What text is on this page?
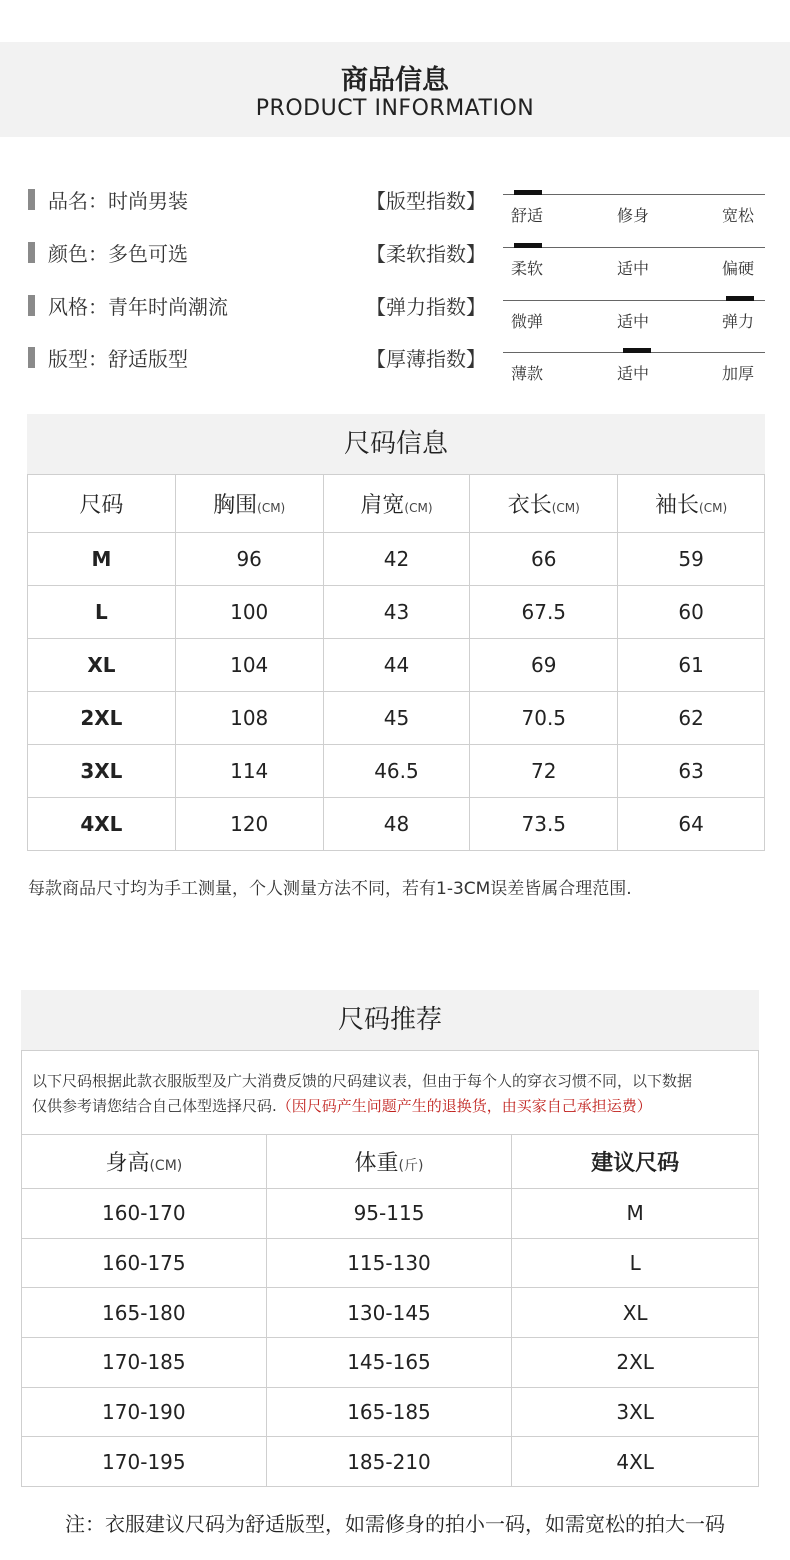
商品信息
PRODUCT INFORMATION
品名：时尚男装	【版型指数】
舒适	修身	宽松
颜色：多色可选	【柔软指数】
柔软	适中	偏硬
风格：青年时尚潮流	【弹力指数】
微弹	适中	弹力
版型：舒适版型	【厚薄指数】
薄款	适中	加厚
尺码信息
尺码	胸围(CM)	肩宽(CM)	衣长(CM)	袖长(CM)
M	96	42	66	59
L	100	43	67.5	60
XL	104	44	69	61
2XL	108	45	70.5	62
3XL	114	46.5	72	63
4XL	120	48	73.5	64
每款商品尺寸均为手工测量，个人测量方法不同，若有1-3CM误差皆属合理范围.
尺码推荐
以下尺码根据此款衣服版型及广大消费反馈的尺码建议表，但由于每个人的穿衣习惯不同，以下数据
仅供参考请您结合自己体型选择尺码.（因尺码产生问题产生的退换货，由买家自己承担运费）
身高(CM)	体重(斤)	建议尺码
160-170	95-115	M
160-175	115-130	L
165-180	130-145	XL
170-185	145-165	2XL
170-190	165-185	3XL
170-195	185-210	4XL
注：衣服建议尺码为舒适版型，如需修身的拍小一码，如需宽松的拍大一码
